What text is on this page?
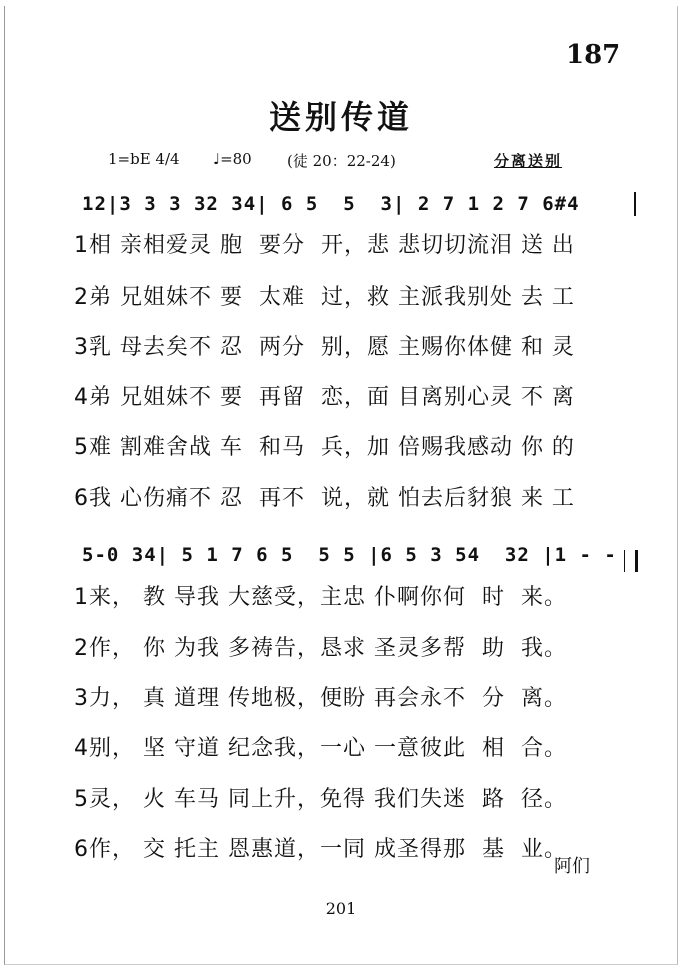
187
送别传道
1=bE 4/4 ♩=80 (徒 20：22-24)	分离送别
12|3 3 3 32 34| 6 5  5  3| 2 7 1 2 7 6#4
1相 亲相爱灵 胞  要分  开，悲 悲切切流泪 送 出
2弟 兄姐妹不 要  太难  过，救 主派我别处 去 工
3乳 母去矣不 忍  两分  别，愿 主赐你体健 和 灵
4弟 兄姐妹不 要  再留  恋，面 目离别心灵 不 离
5难 割难舍战 车  和马  兵，加 倍赐我感动 你 的
6我 心伤痛不 忍  再不  说，就 怕去后豺狼 来 工
5-0 34| 5 1 7 6 5  5 5 |6 5 3 54  32 |1 - -
1来， 教 导我 大慈受，主忠 仆啊你何  时  来。
2作， 你 为我 多祷告，恳求 圣灵多帮  助  我。
3力， 真 道理 传地极，便盼 再会永不  分  离。
4别， 坚 守道 纪念我，一心 一意彼此  相  合。
5灵， 火 车马 同上升，免得 我们失迷  路  径。
6作， 交 托主 恩惠道，一同 成圣得那  基  业。
阿们
201
